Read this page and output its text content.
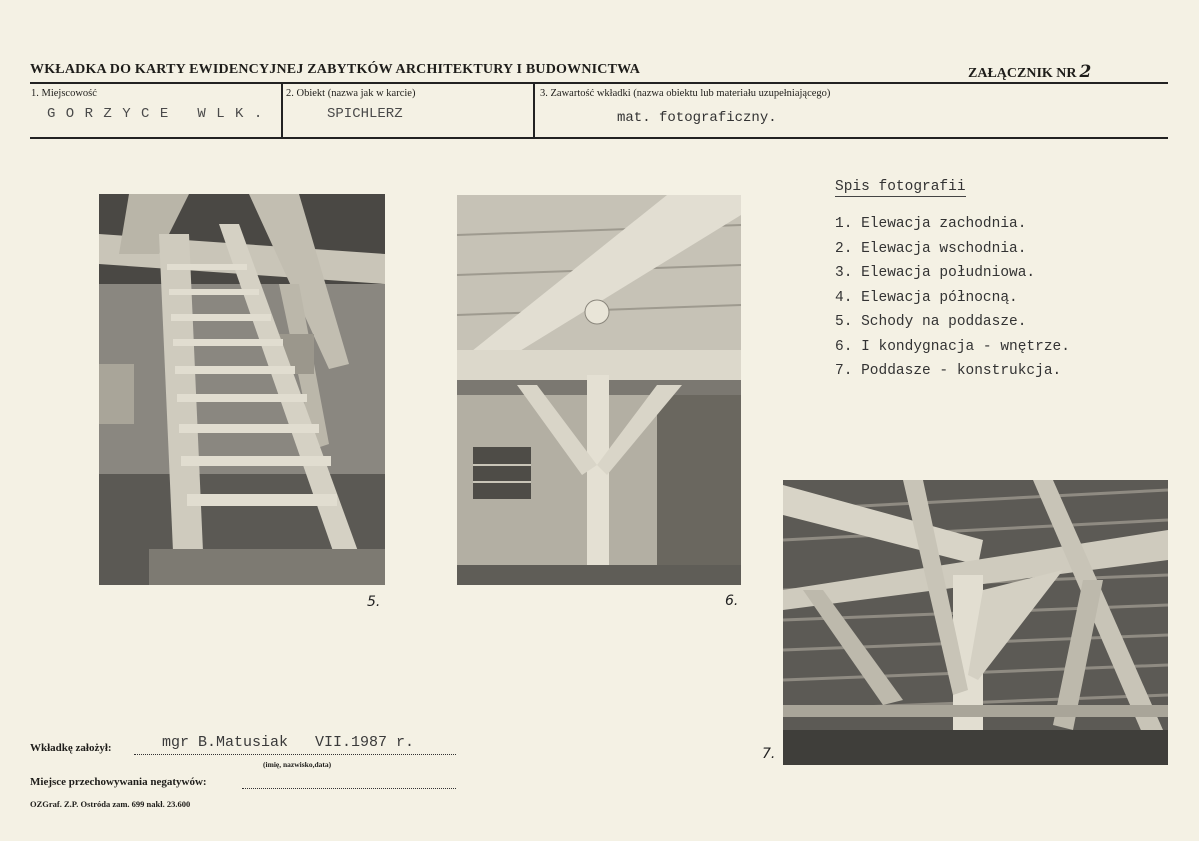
WKŁADKA DO KARTY EWIDENCYJNEJ ZABYTKÓW ARCHITEKTURY I BUDOWNICTWA	ZAŁĄCZNIK NR 2
1. Miejscowość	2. Obiekt (nazwa jak w karcie)	3. Zawartość wkładki (nazwa obiektu lub materiału uzupełniającego)
G O R Z Y C E   W L K .	SPICHLERZ	mat. fotograficzny.
Spis fotografii
1. Elewacja zachodnia.
2. Elewacja wschodnia.
3. Elewacja południowa.
4. Elewacja północną.
5. Schody na poddasze.
6. I kondygnacja - wnętrze.
7. Poddasze - konstrukcja.
5.	6.
7.
Wkładkę założył:	mgr B.Matusiak   VII.1987 r.
(imię, nazwisko,data)
Miejsce przechowywania negatywów:
OZGraf. Z.P. Ostróda zam. 699 nakł. 23.600
